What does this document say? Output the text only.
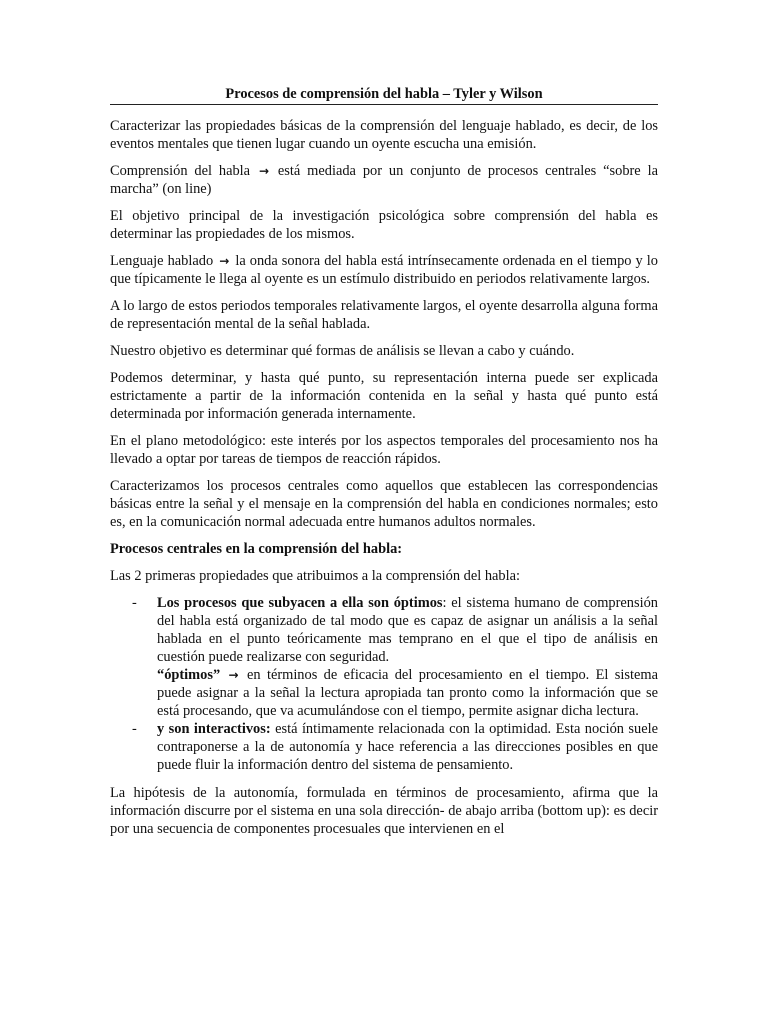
Procesos de comprensión del habla – Tyler y Wilson

Caracterizar las propiedades básicas de la comprensión del lenguaje hablado, es decir, de los eventos mentales que tienen lugar cuando un oyente escucha una emisión.

Comprensión del habla → está mediada por un conjunto de procesos centrales “sobre la marcha” (on line)

El objetivo principal de la investigación psicológica sobre comprensión del habla es determinar las propiedades de los mismos.

Lenguaje hablado → la onda sonora del habla está intrínsecamente ordenada en el tiempo y lo que típicamente le llega al oyente es un estímulo distribuido en periodos relativamente largos.

A lo largo de estos periodos temporales relativamente largos, el oyente desarrolla alguna forma de representación mental de la señal hablada.

Nuestro objetivo es determinar qué formas de análisis se llevan a cabo y cuándo.

Podemos determinar, y hasta qué punto, su representación interna puede ser explicada estrictamente a partir de la información contenida en la señal y hasta qué punto está determinada por información generada internamente.

En el plano metodológico: este interés por los aspectos temporales del procesamiento nos ha llevado a optar por tareas de tiempos de reacción rápidos.

Caracterizamos los procesos centrales como aquellos que establecen las correspondencias básicas entre la señal y el mensaje en la comprensión del habla en condiciones normales; esto es, en la comunicación normal adecuada entre humanos adultos normales.

Procesos centrales en la comprensión del habla:

Las 2 primeras propiedades que atribuimos a la comprensión del habla:

- Los procesos que subyacen a ella son óptimos: el sistema humano de comprensión del habla está organizado de tal modo que es capaz de asignar un análisis a la señal hablada en el punto teóricamente mas temprano en el que el tipo de análisis en cuestión puede realizarse con seguridad.
“óptimos” → en términos de eficacia del procesamiento en el tiempo. El sistema puede asignar a la señal la lectura apropiada tan pronto como la información que se está procesando, que va acumulándose con el tiempo, permite asignar dicha lectura.
- y son interactivos: está íntimamente relacionada con la optimidad. Esta noción suele contraponerse a la de autonomía y hace referencia a las direcciones posibles en que puede fluir la información dentro del sistema de pensamiento.

La hipótesis de la autonomía, formulada en términos de procesamiento, afirma que la información discurre por el sistema en una sola dirección- de abajo arriba (bottom up): es decir por una secuencia de componentes procesuales que intervienen en el
